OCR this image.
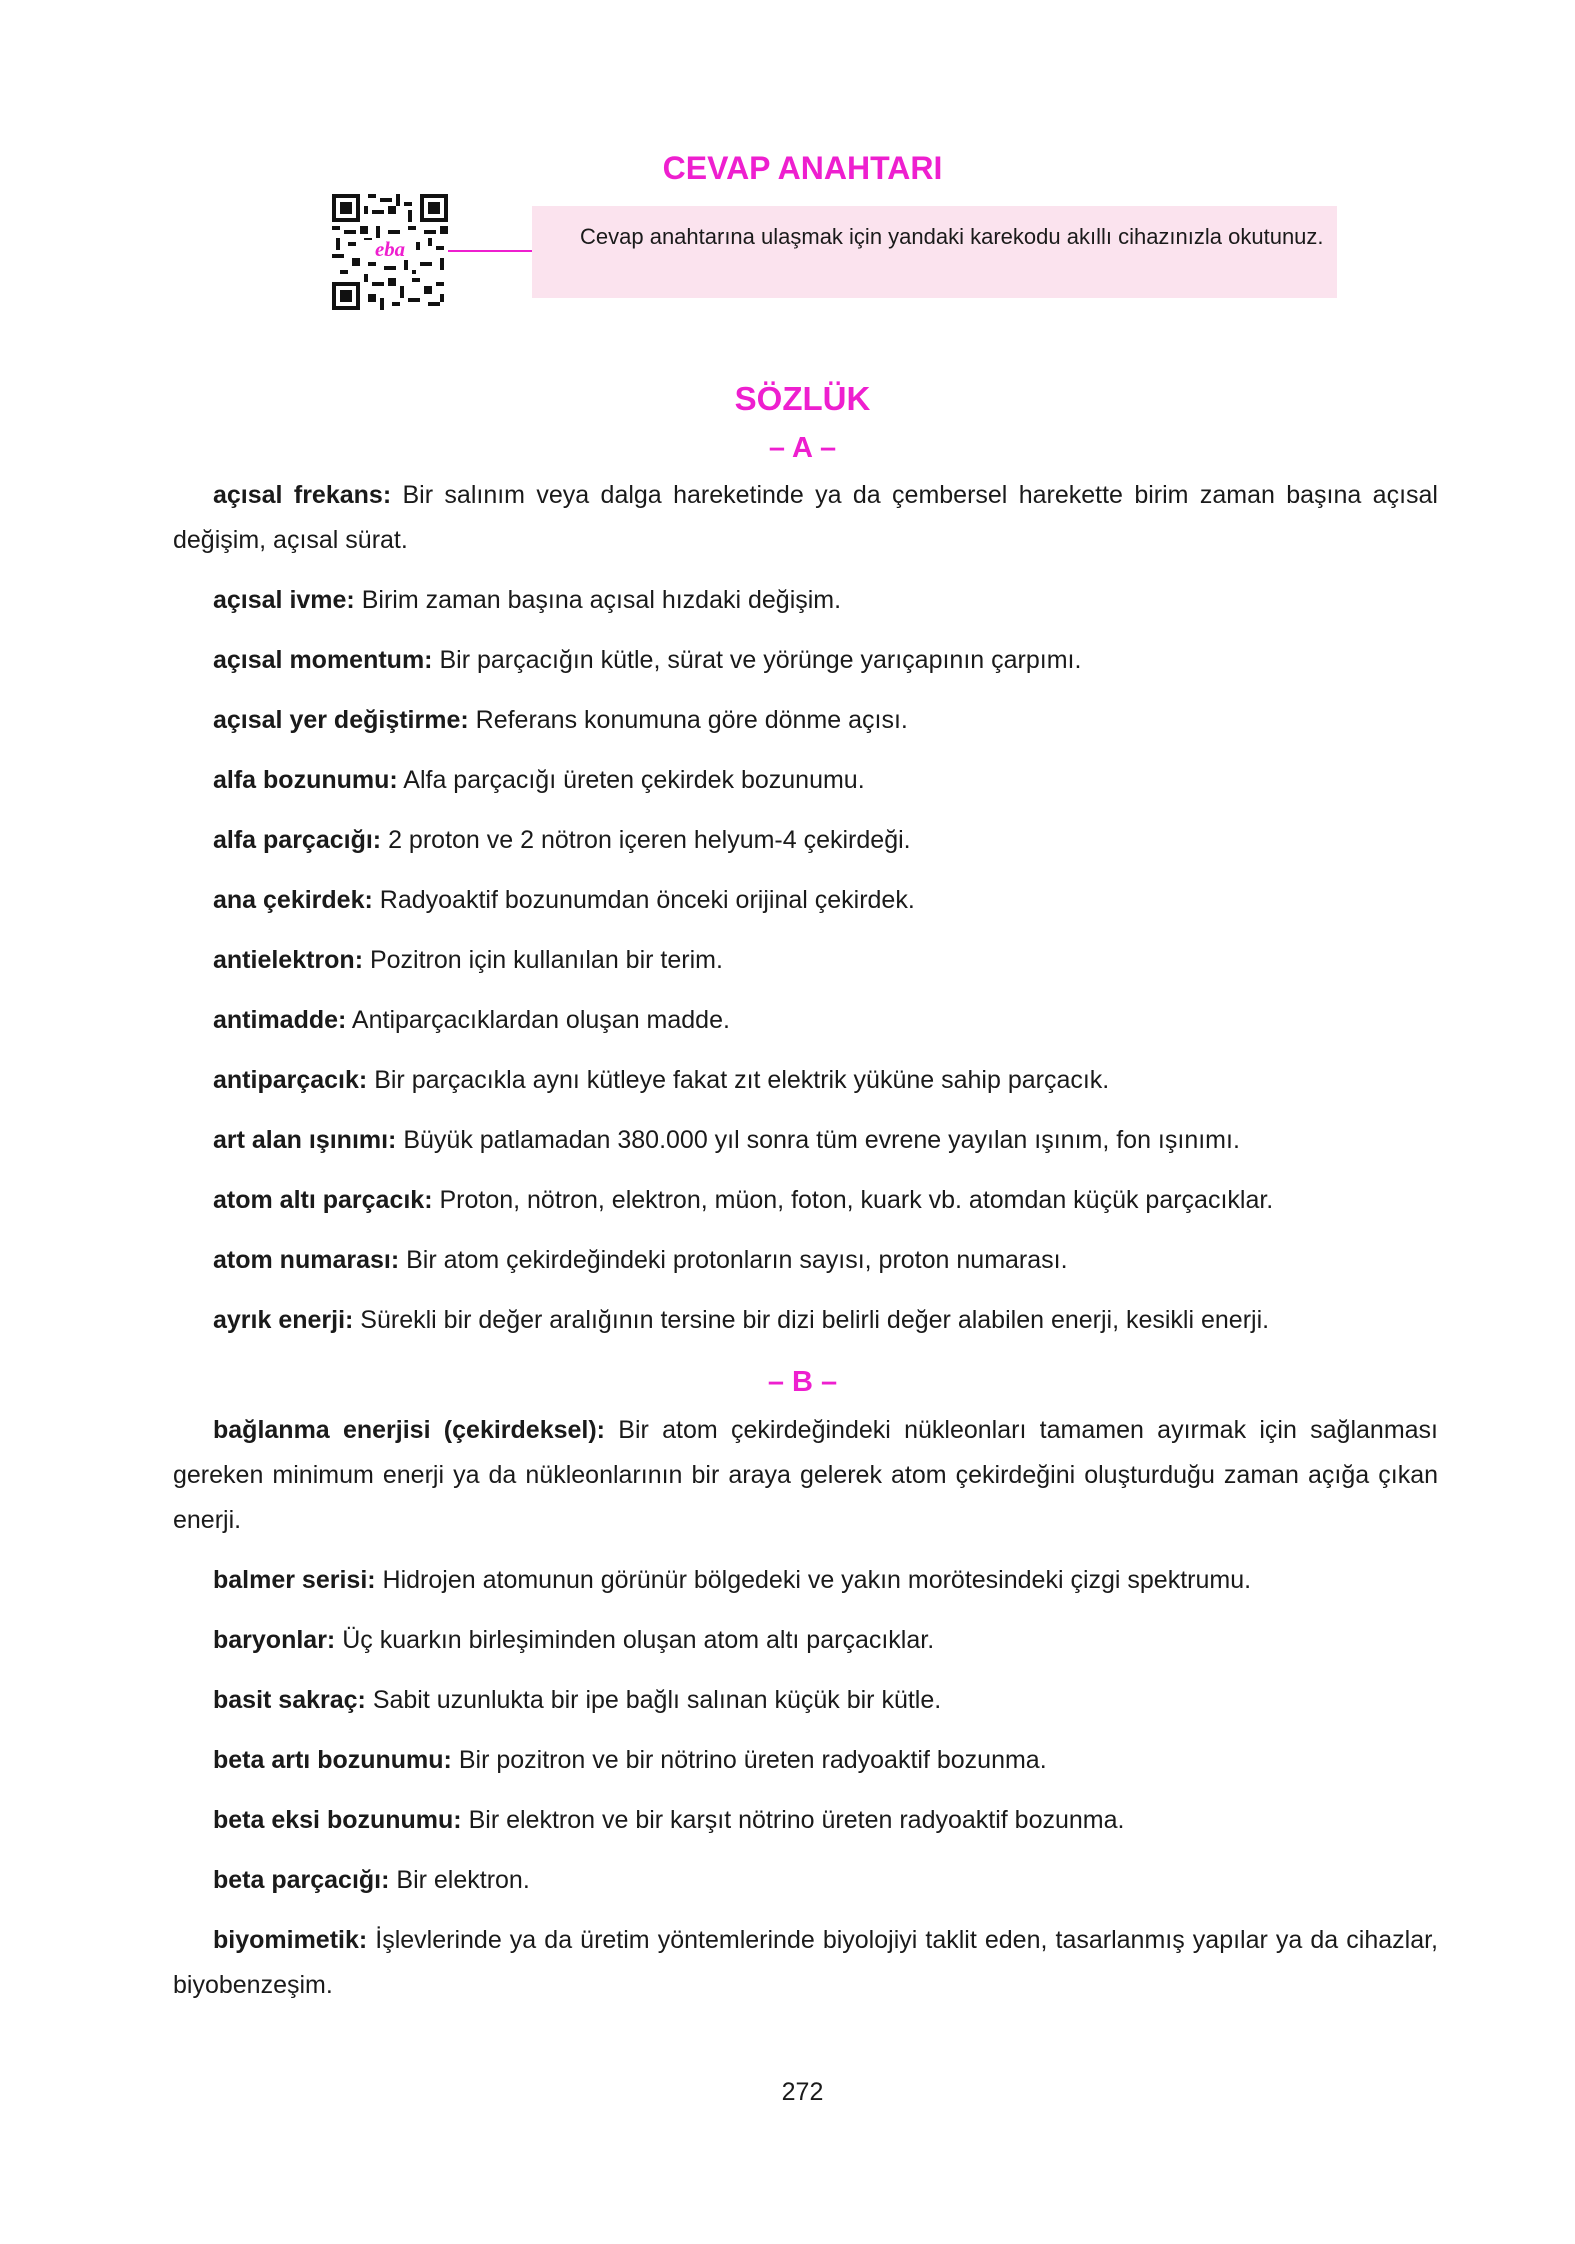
CEVAP ANAHTARI
eba
Cevap anahtarına ulaşmak için yandaki karekodu akıllı cihazınızla okutunuz.
SÖZLÜK
– A –

açısal frekans: Bir salınım veya dalga hareketinde ya da çembersel harekette birim zaman başına açısal değişim, açısal sürat.

açısal ivme: Birim zaman başına açısal hızdaki değişim.

açısal momentum: Bir parçacığın kütle, sürat ve yörünge yarıçapının çarpımı.

açısal yer değiştirme: Referans konumuna göre dönme açısı.

alfa bozunumu: Alfa parçacığı üreten çekirdek bozunumu.

alfa parçacığı: 2 proton ve 2 nötron içeren helyum-4 çekirdeği.

ana çekirdek: Radyoaktif bozunumdan önceki orijinal çekirdek.

antielektron: Pozitron için kullanılan bir terim.

antimadde: Antiparçacıklardan oluşan madde.

antiparçacık: Bir parçacıkla aynı kütleye fakat zıt elektrik yüküne sahip parçacık.

art alan ışınımı: Büyük patlamadan 380.000 yıl sonra tüm evrene yayılan ışınım, fon ışınımı.

atom altı parçacık: Proton, nötron, elektron, müon, foton, kuark vb. atomdan küçük parçacıklar.

atom numarası: Bir atom çekirdeğindeki protonların sayısı, proton numarası.

ayrık enerji: Sürekli bir değer aralığının tersine bir dizi belirli değer alabilen enerji, kesikli enerji.

– B –

bağlanma enerjisi (çekirdeksel): Bir atom çekirdeğindeki nükleonları tamamen ayırmak için sağlanması gereken minimum enerji ya da nükleonlarının bir araya gelerek atom çekirdeğini oluşturduğu zaman açığa çıkan enerji.

balmer serisi: Hidrojen atomunun görünür bölgedeki ve yakın morötesindeki çizgi spektrumu.

baryonlar: Üç kuarkın birleşiminden oluşan atom altı parçacıklar.

basit sakraç: Sabit uzunlukta bir ipe bağlı salınan küçük bir kütle.

beta artı bozunumu: Bir pozitron ve bir nötrino üreten radyoaktif bozunma.

beta eksi bozunumu: Bir elektron ve bir karşıt nötrino üreten radyoaktif bozunma.

beta parçacığı: Bir elektron.

biyomimetik: İşlevlerinde ya da üretim yöntemlerinde biyolojiyi taklit eden, tasarlanmış yapılar ya da cihazlar, biyobenzeşim.

272
